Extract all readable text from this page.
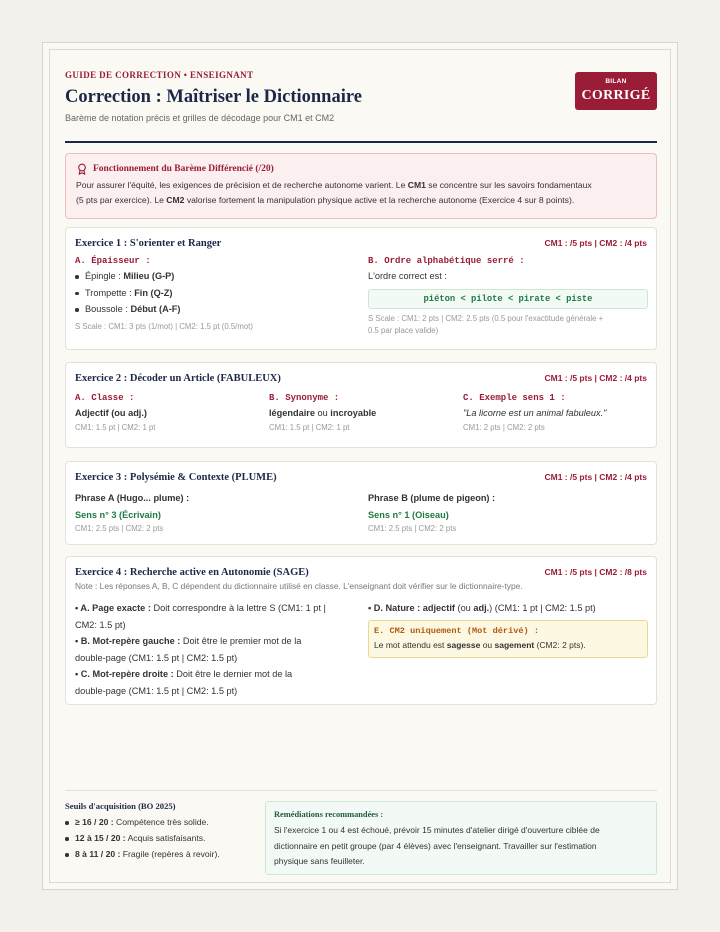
GUIDE DE CORRECTION • ENSEIGNANT
Correction : Maîtriser le Dictionnaire
Barème de notation précis et grilles de décodage pour CM1 et CM2
BILAN
CORRIGÉ
Fonctionnement du Barème Différencié (/20)

Pour assurer l'équité, les exigences de précision et de recherche autonome varient. Le CM1 se concentre sur les savoirs fondamentaux
(5 pts par exercice). Le CM2 valorise fortement la manipulation physique active et la recherche autonome (Exercice 4 sur 8 points).

Exercice 1 : S'orienter et Ranger	CM1 : /5 pts | CM2 : /4 pts
A. Épaisseur :
Épingle : Milieu (G-P)
Trompette : Fin (Q-Z)
Boussole : Début (A-F)
S Scale : CM1: 3 pts (1/mot) | CM2: 1.5 pt (0.5/mot)
B. Ordre alphabétique serré :
L'ordre correct est :
piéton < pilote < pirate < piste
S Scale : CM1: 2 pts | CM2: 2.5 pts (0.5 pour l'exactitude générale +
0.5 par place valide)
Exercice 2 : Décoder un Article (FABULEUX)	CM1 : /5 pts | CM2 : /4 pts
A. Classe :
Adjectif (ou adj.)
CM1: 1.5 pt | CM2: 1 pt
B. Synonyme :
légendaire ou incroyable
CM1: 1.5 pt | CM2: 1 pt
C. Exemple sens 1 :
"La licorne est un animal fabuleux."
CM1: 2 pts | CM2: 2 pts
Exercice 3 : Polysémie & Contexte (PLUME)	CM1 : /5 pts | CM2 : /4 pts
Phrase A (Hugo... plume) :
Sens n° 3 (Écrivain)
CM1: 2.5 pts | CM2: 2 pts
Phrase B (plume de pigeon) :
Sens n° 1 (Oiseau)
CM1: 2.5 pts | CM2: 2 pts
Exercice 4 : Recherche active en Autonomie (SAGE)	CM1 : /5 pts | CM2 : /8 pts
Note : Les réponses A, B, C dépendent du dictionnaire utilisé en classe. L'enseignant doit vérifier sur le dictionnaire-type.
• A. Page exacte : Doit correspondre à la lettre S (CM1: 1 pt |
CM2: 1.5 pt)
• B. Mot-repère gauche : Doit être le premier mot de la
double-page (CM1: 1.5 pt | CM2: 1.5 pt)
• C. Mot-repère droite : Doit être le dernier mot de la
double-page (CM1: 1.5 pt | CM2: 1.5 pt)
• D. Nature : adjectif (ou adj.) (CM1: 1 pt | CM2: 1.5 pt)
E. CM2 uniquement (Mot dérivé) :
Le mot attendu est sagesse ou sagement (CM2: 2 pts).
Seuils d'acquisition (BO 2025)
≥ 16 / 20 : Compétence très solide.
12 à 15 / 20 : Acquis satisfaisants.
8 à 11 / 20 : Fragile (repères à revoir).
Remédiations recommandées :

Si l'exercice 1 ou 4 est échoué, prévoir 15 minutes d'atelier dirigé d'ouverture ciblée de
dictionnaire en petit groupe (par 4 élèves) avec l'enseignant. Travailler sur l'estimation
physique sans feuilleter.
